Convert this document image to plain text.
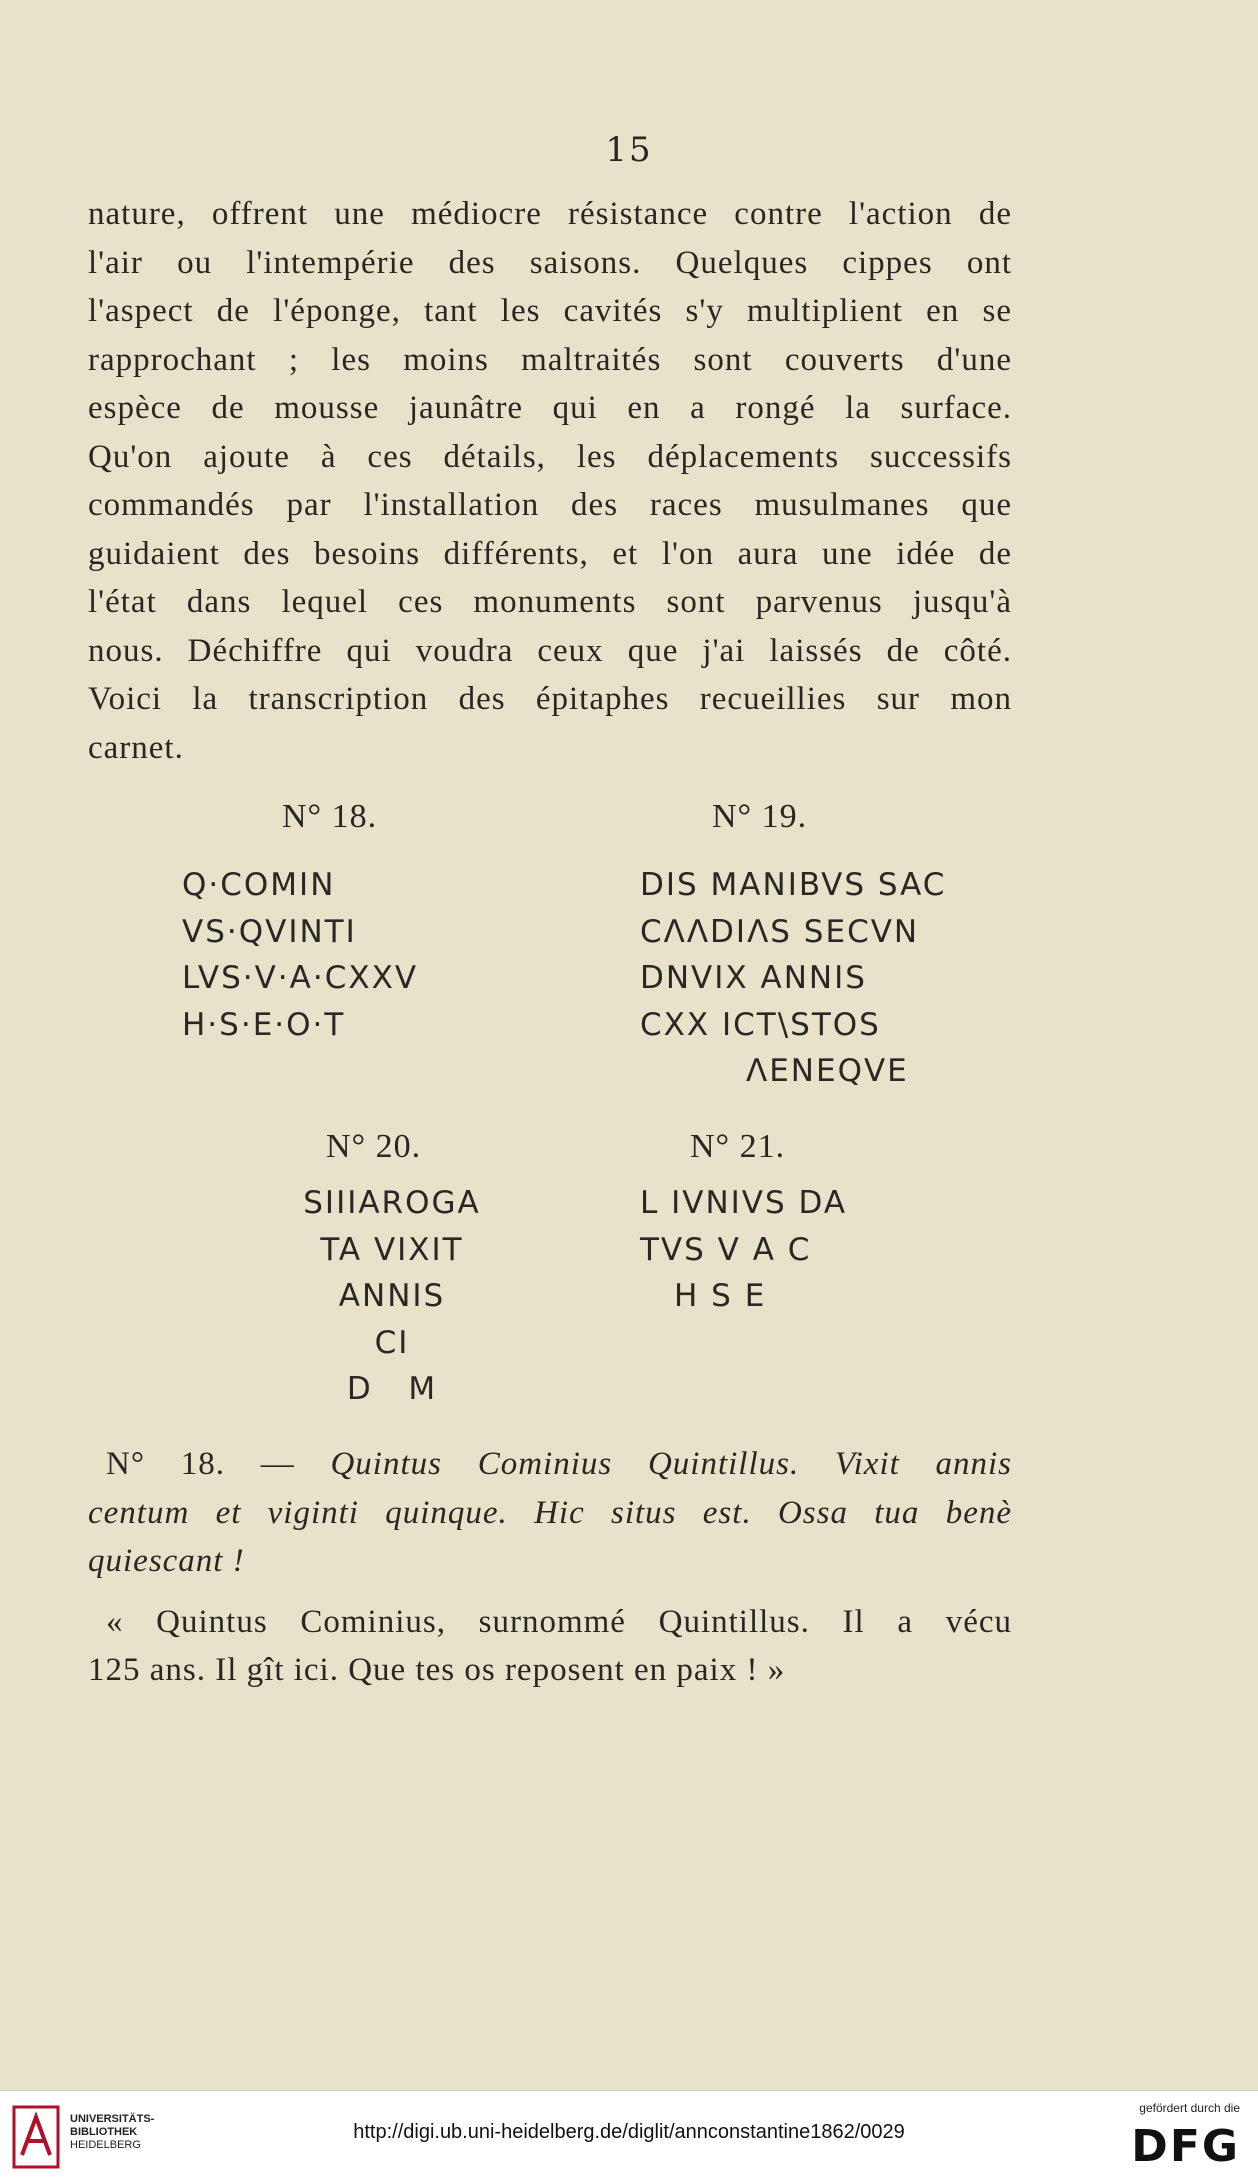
15
nature, offrent une médiocre résistance contre l'action de
l'air ou l'intempérie des saisons. Quelques cippes ont
l'aspect de l'éponge, tant les cavités s'y multiplient en se
rapprochant ; les moins maltraités sont couverts d'une
espèce de mousse jaunâtre qui en a rongé la surface.
Qu'on ajoute à ces détails, les déplacements successifs
commandés par l'installation des races musulmanes que
guidaient des besoins différents, et l'on aura une idée de
l'état dans lequel ces monuments sont parvenus jusqu'à
nous. Déchiffre qui voudra ceux que j'ai laissés de côté.
Voici la transcription des épitaphes recueillies sur mon
carnet.
N° 18.
Q·COMIN
VS·QVINTI
LVS·V·A·CXXV
H·S·E·O·T
N° 19.
DIS MANIBVS SAC
CΛΛDIΛS SECVN
DNVIX ANNIS
CXX ICT\STOS
ΛENEQVE
N° 20.
SIIIAROGA
TA VIXIT
ANNIS
CI
D   M
N° 21.
L IVNIVS DA
TVS V A C
H S E
N° 18. — Quintus Cominius Quintillus. Vixit annis
centum et viginti quinque. Hic situs est. Ossa tua benè
quiescant !
« Quintus Cominius, surnommé Quintillus. Il a vécu
125 ans. Il gît ici. Que tes os reposent en paix ! »
UNIVERSITÄTS-
BIBLIOTHEK
HEIDELBERG
http://digi.ub.uni-heidelberg.de/diglit/annconstantine1862/0029
gefördert durch die
DFG
